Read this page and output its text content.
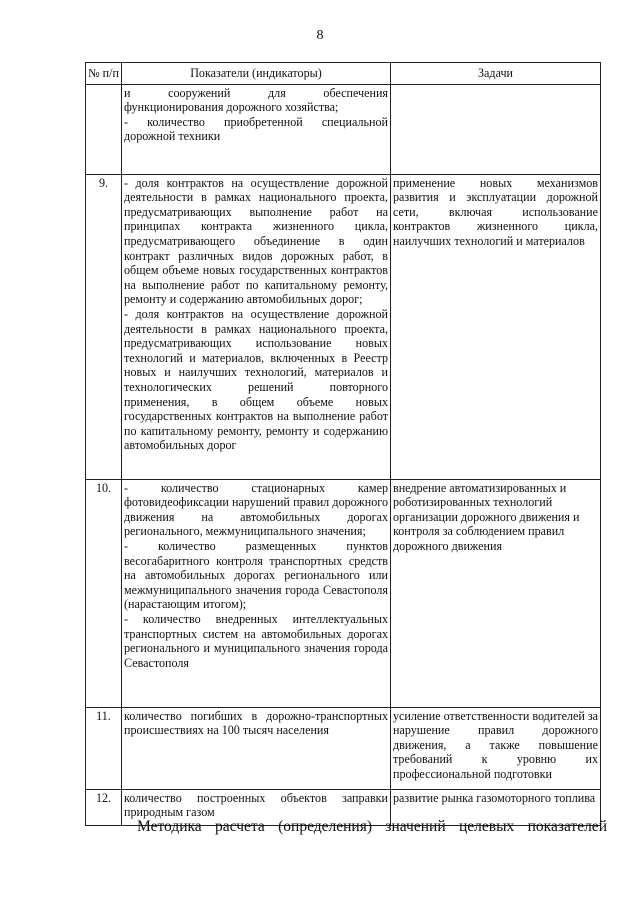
8
№ п/п	Показатели (индикаторы)	Задачи

	и сооружений для обеспечения
функционирования дорожного хозяйства;
- количество приобретенной специальной
дорожной техники	

9.	- доля контрактов на осуществление дорожной деятельности в рамках национального проекта, предусматривающих выполнение работ на принципах контракта жизненного цикла, предусматривающего объединение в один контракт различных видов дорожных работ, в общем объеме новых государственных контрактов на выполнение работ по капитальному ремонту, ремонту и содержанию автомобильных дорог;
- доля контрактов на осуществление дорожной деятельности в рамках национального проекта, предусматривающих использование новых технологий и материалов, включенных в Реестр новых и наилучших технологий, материалов и технологических решений повторного применения, в общем объеме новых государственных контрактов на выполнение работ по капитальному ремонту, ремонту и содержанию автомобильных дорог	применение новых механизмов развития и эксплуатации дорожной сети, включая использование контрактов жизненного цикла, наилучших технологий и материалов

10.	- количество стационарных камер фотовидеофиксации нарушений правил дорожного движения на автомобильных дорогах регионального, межмуниципального значения;
- количество размещенных пунктов весогабаритного контроля транспортных средств на автомобильных дорогах регионального или межмуниципального значения города Севастополя (нарастающим итогом);
- количество внедренных интеллектуальных транспортных систем на автомобильных дорогах регионального и муниципального значения города Севастополя	внедрение автоматизированных и роботизированных технологий организации дорожного движения и контроля за соблюдением правил дорожного движения
11.	количество погибших в дорожно-транспортных происшествиях на 100 тысяч населения	усиление ответственности водителей за нарушение правил дорожного движения, а также повышение требований к уровню их профессиональной подготовки

12.	количество построенных объектов заправки природным газом	развитие рынка газомоторного топлива
Методика расчета (определения) значений целевых показателей
